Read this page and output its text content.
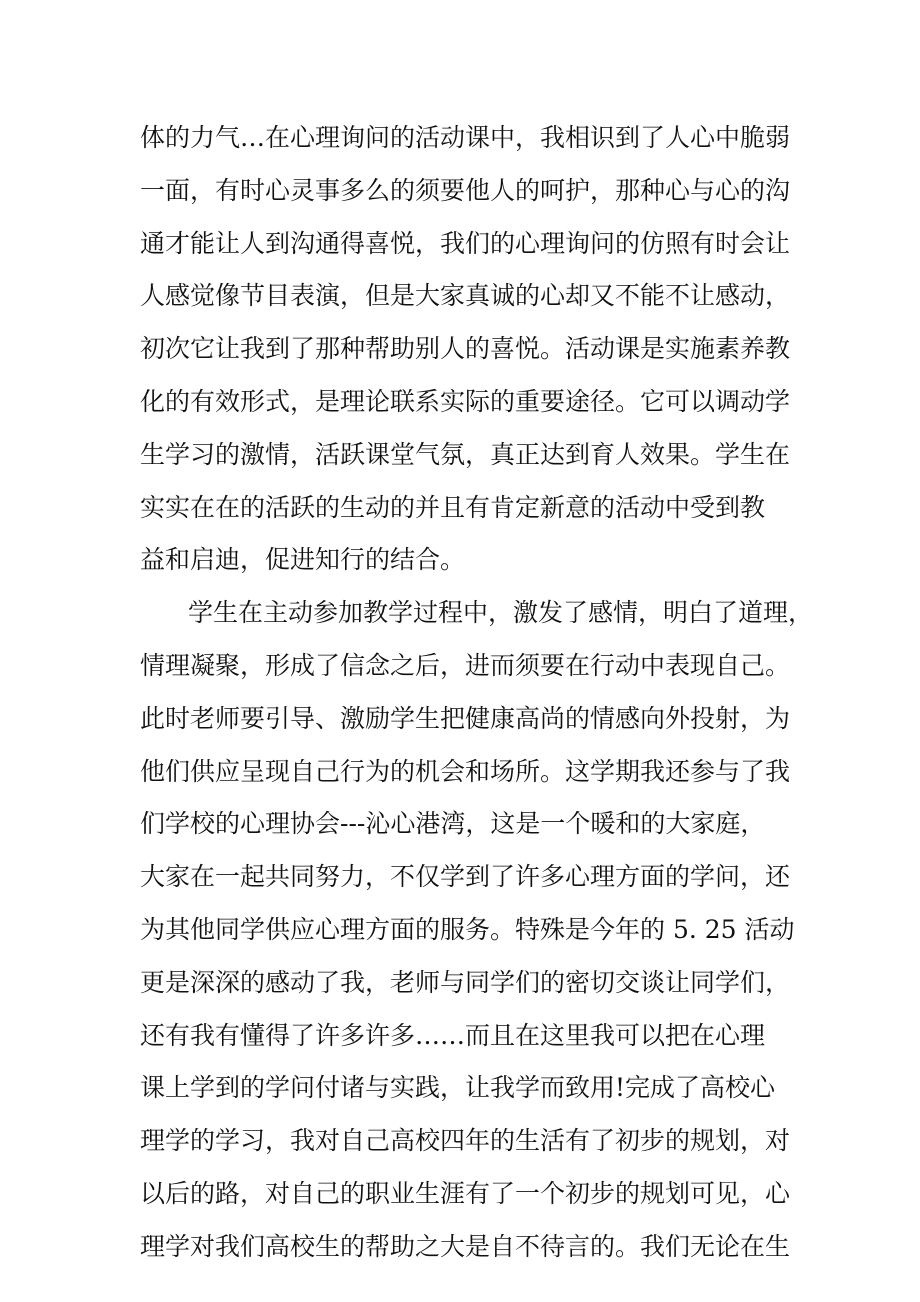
体的力气…在心理询问的活动课中，我相识到了人心中脆弱
一面，有时心灵事多么的须要他人的呵护，那种心与心的沟
通才能让人到沟通得喜悦，我们的心理询问的仿照有时会让
人感觉像节目表演，但是大家真诚的心却又不能不让感动，
初次它让我到了那种帮助别人的喜悦。活动课是实施素养教
化的有效形式，是理论联系实际的重要途径。它可以调动学
生学习的激情，活跃课堂气氛，真正达到育人效果。学生在
实实在在的活跃的生动的并且有肯定新意的活动中受到教
益和启迪，促进知行的结合。
学生在主动参加教学过程中，激发了感情，明白了道理，
情理凝聚，形成了信念之后，进而须要在行动中表现自己。
此时老师要引导、激励学生把健康高尚的情感向外投射，为
他们供应呈现自己行为的机会和场所。这学期我还参与了我
们学校的心理协会---沁心港湾，这是一个暖和的大家庭，
大家在一起共同努力，不仅学到了许多心理方面的学问，还
为其他同学供应心理方面的服务。特殊是今年的 5. 25 活动
更是深深的感动了我，老师与同学们的密切交谈让同学们，
还有我有懂得了许多许多……而且在这里我可以把在心理
课上学到的学问付诸与实践，让我学而致用!完成了高校心
理学的学习，我对自己高校四年的生活有了初步的规划，对
以后的路，对自己的职业生涯有了一个初步的规划可见，心
理学对我们高校生的帮助之大是自不待言的。我们无论在生
